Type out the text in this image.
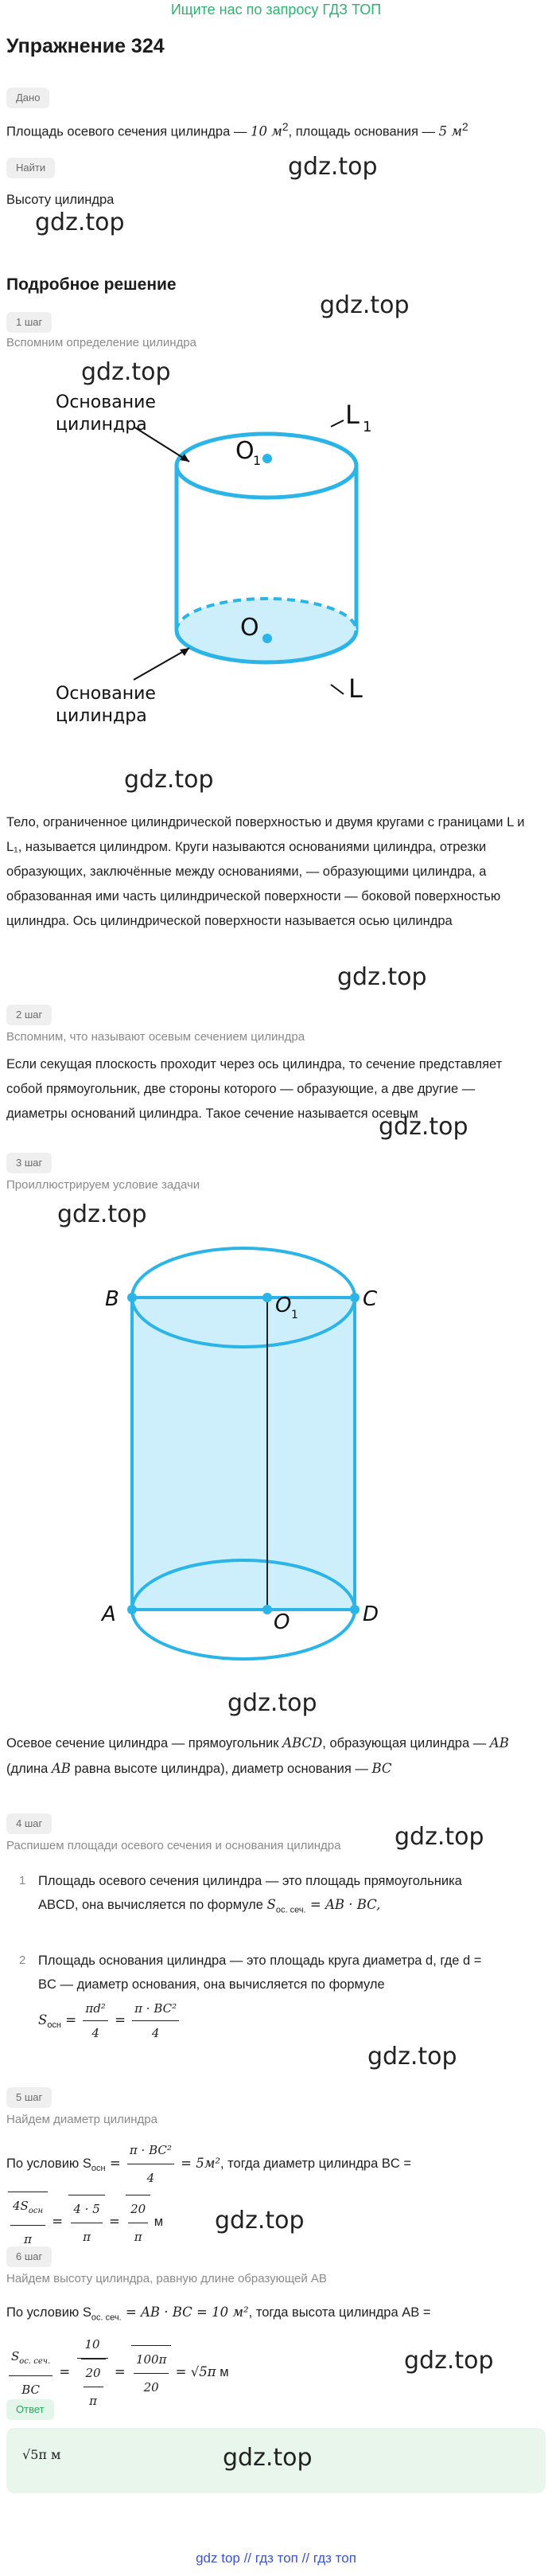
Ищите нас по запросу ГДЗ ТОП
Упражнение 324
Дано
Площадь осевого сечения цилиндра — 10 $м^2$, площадь основания — 5 $м^2$
Найти
Высоту цилиндра
gdz.top
gdz.top
Подробное решение
gdz.top
1 шаг
Вспомним определение цилиндра
gdz.top
O
1
O
L 1
L
Основание
цилиндра
Основание
цилиндра
gdz.top
Тело, ограниченное цилиндрической поверхностью и двумя кругами с границами L и L₁, называется цилиндром. Круги называются основаниями цилиндра, отрезки образующих, заключённые между основаниями, — образующими цилиндра, а образованная ими часть цилиндрической поверхности — боковой поверхностью цилиндра. Ось цилиндрической поверхности называется осью цилиндра
gdz.top
2 шаг
Вспомним, что называют осевым сечением цилиндра
Если секущая плоскость проходит через ось цилиндра, то сечение представляет собой прямоугольник, две стороны которого — образующие, а две другие — диаметры оснований цилиндра. Такое сечение называется осевым
gdz.top
3 шаг
Проиллюстрируем условие задачи
gdz.top
B	C
A	D
O 1
O
gdz.top
Осевое сечение цилиндра — прямоугольник ABCD, образующая цилиндра — AB (длина AB равна высоте цилиндра), диаметр основания — BC
4 шаг
Распишем площади осевого сечения и основания цилиндра gdz.top
1 Площадь осевого сечения цилиндра — это площадь прямоугольника
ABCD, она вычисляется по формуле $S_{ос. сеч.}$ = AB · BC,
2 Площадь основания цилиндра — это площадь круга диаметра d, где d =
BC — диаметр основания, она вычисляется по формуле
$S_{осн} = \frac{\text{πd²}}{4} = \frac{\text{π · BC²}}{4}$
gdz.top
5 шаг
Найдем диаметр цилиндра
По условию $S_{осн} = \frac{\text{π · BC²}}{4} = 5м^2$, тогда диаметр цилиндра BC =

$\frac{4S_{осн}}{\pi} = \frac{4 \cdot 5}{\pi} = \frac{20}{\pi}$ м	gdz.top
6 шаг
Найдем высоту цилиндра, равную длине образующей AB
По условию $S_{ос. сеч.}$ = AB · BC = 10 м², тогда высота цилиндра AB =

$\frac{S_{ос. сеч.}}{BC} = \frac{10}{\frac{20}{\pi}} = \frac{100\pi}{20} = √5\pi$ м	gdz.top
Ответ
√5π м	gdz.top
gdz top // гдз топ // гдз топ
